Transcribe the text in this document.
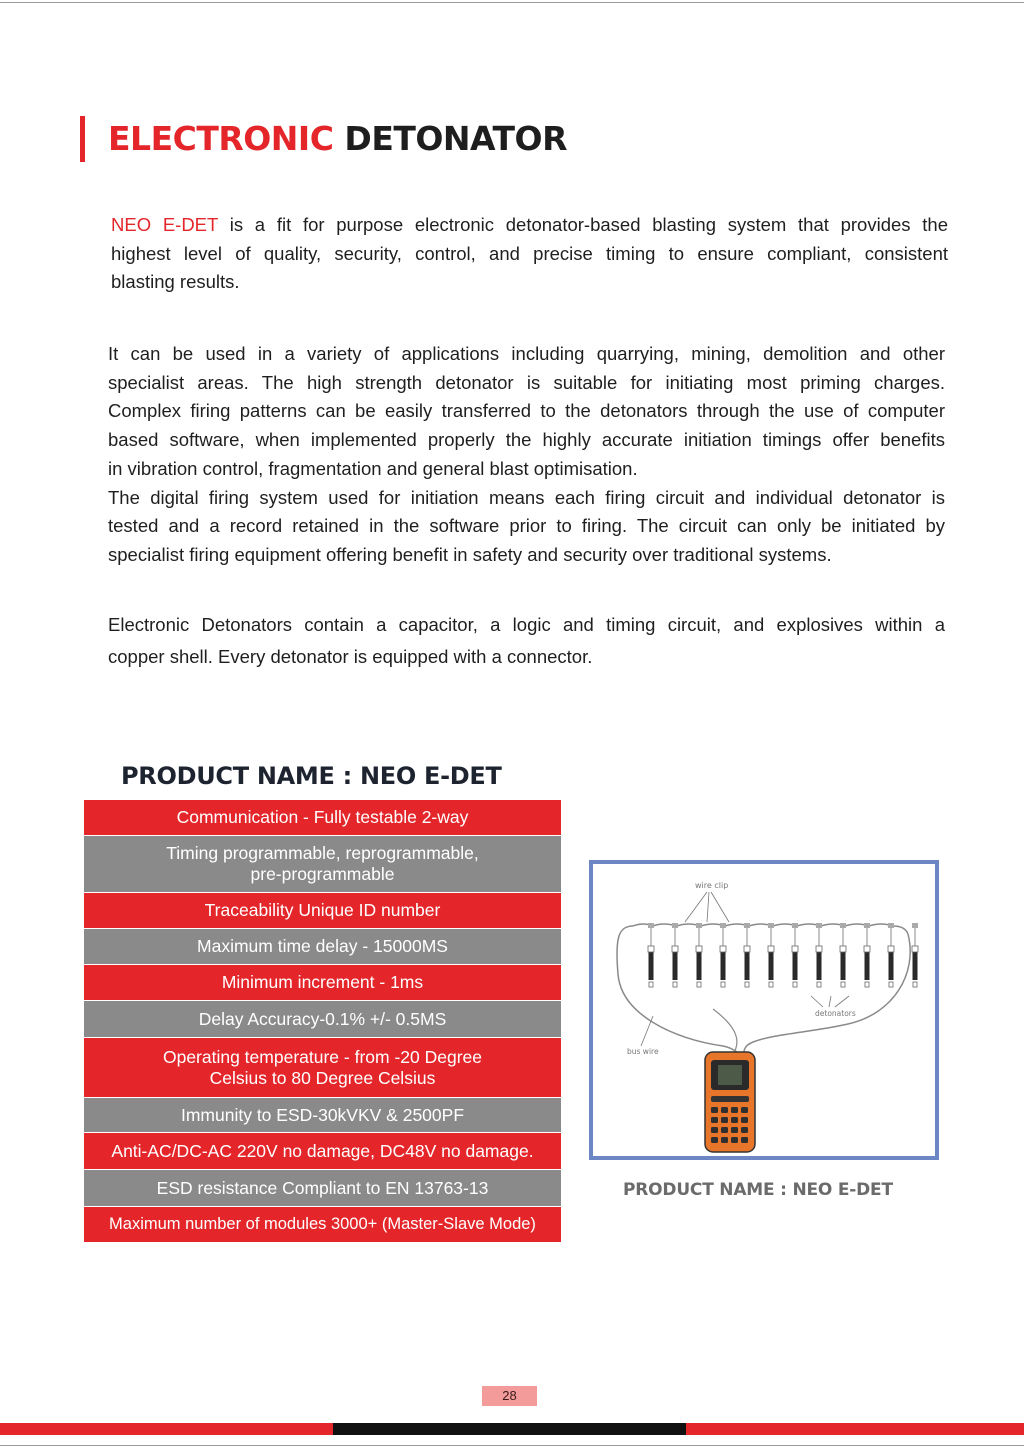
ELECTRONIC DETONATOR
NEO E-DET is a fit for purpose electronic detonator-based blasting system that provides the
highest level of quality, security, control, and precise timing to ensure compliant, consistent
blasting results.
It can be used in a variety of applications including quarrying, mining, demolition and other
specialist areas. The high strength detonator is suitable for initiating most priming charges.
Complex firing patterns can be easily transferred to the detonators through the use of computer
based software, when implemented properly the highly accurate initiation timings offer benefits
in vibration control, fragmentation and general blast optimisation.
The digital firing system used for initiation means each firing circuit and individual detonator is
tested and a record retained in the software prior to firing. The circuit can only be initiated by
specialist firing equipment offering benefit in safety and security over traditional systems.
Electronic Detonators contain a capacitor, a logic and timing circuit, and explosives within a
copper shell. Every detonator is equipped with a connector.
PRODUCT NAME : NEO E-DET
Communication - Fully testable 2-way
Timing programmable, reprogrammable,
pre-programmable
Traceability Unique ID number
Maximum time delay - 15000MS
Minimum increment - 1ms
Delay Accuracy-0.1% +/- 0.5MS
Operating temperature - from -20 Degree
Celsius to 80 Degree Celsius
Immunity to ESD-30kVKV & 2500PF
Anti-AC/DC-AC 220V no damage, DC48V no damage.
ESD resistance Compliant to EN 13763-13
Maximum number of modules 3000+ (Master-Slave Mode)
wire clip
detonators
bus wire
PRODUCT NAME : NEO E-DET
28
